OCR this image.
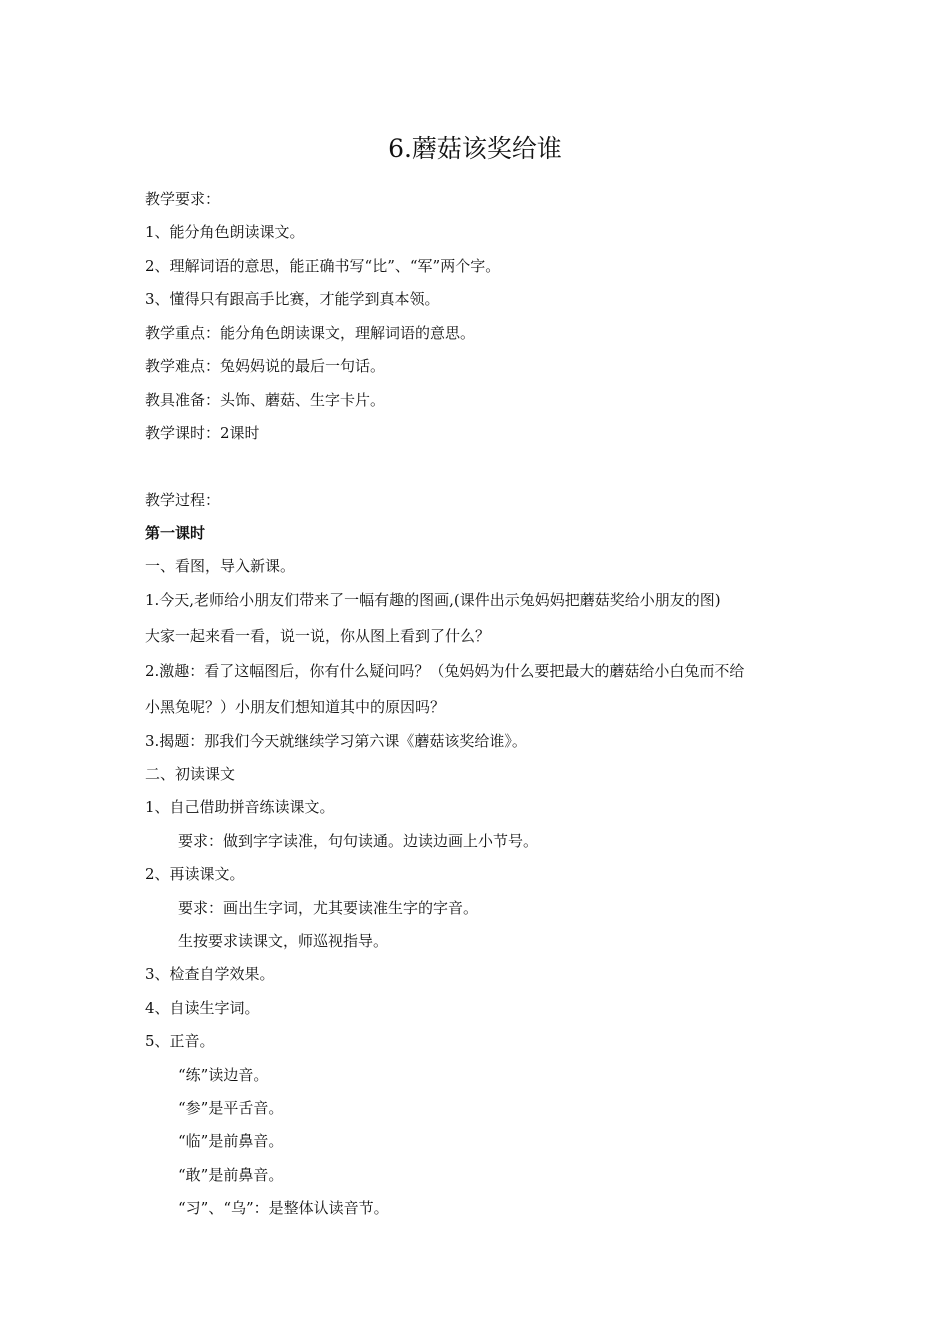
6.蘑菇该奖给谁
教学要求：
1、能分角色朗读课文。
2、理解词语的意思，能正确书写“比”、“军”两个字。
3、懂得只有跟高手比赛，才能学到真本领。
教学重点：能分角色朗读课文，理解词语的意思。
教学难点：兔妈妈说的最后一句话。
教具准备：头饰、蘑菇、生字卡片。
教学课时：2课时
教学过程：
第一课时
一、看图，导入新课。
1.今天,老师给小朋友们带来了一幅有趣的图画,(课件出示兔妈妈把蘑菇奖给小朋友的图)
大家一起来看一看，说一说，你从图上看到了什么？
2.激趣：看了这幅图后，你有什么疑问吗？（兔妈妈为什么要把最大的蘑菇给小白兔而不给
小黑兔呢？）小朋友们想知道其中的原因吗？
3.揭题：那我们今天就继续学习第六课《蘑菇该奖给谁》。
二、初读课文
1、自己借助拼音练读课文。
要求：做到字字读准，句句读通。边读边画上小节号。
2、再读课文。
要求：画出生字词，尤其要读准生字的字音。
生按要求读课文，师巡视指导。
3、检查自学效果。
4、自读生字词。
5、正音。
“练”读边音。
“参”是平舌音。
“临”是前鼻音。
“敢”是前鼻音。
“习”、“乌”：是整体认读音节。
